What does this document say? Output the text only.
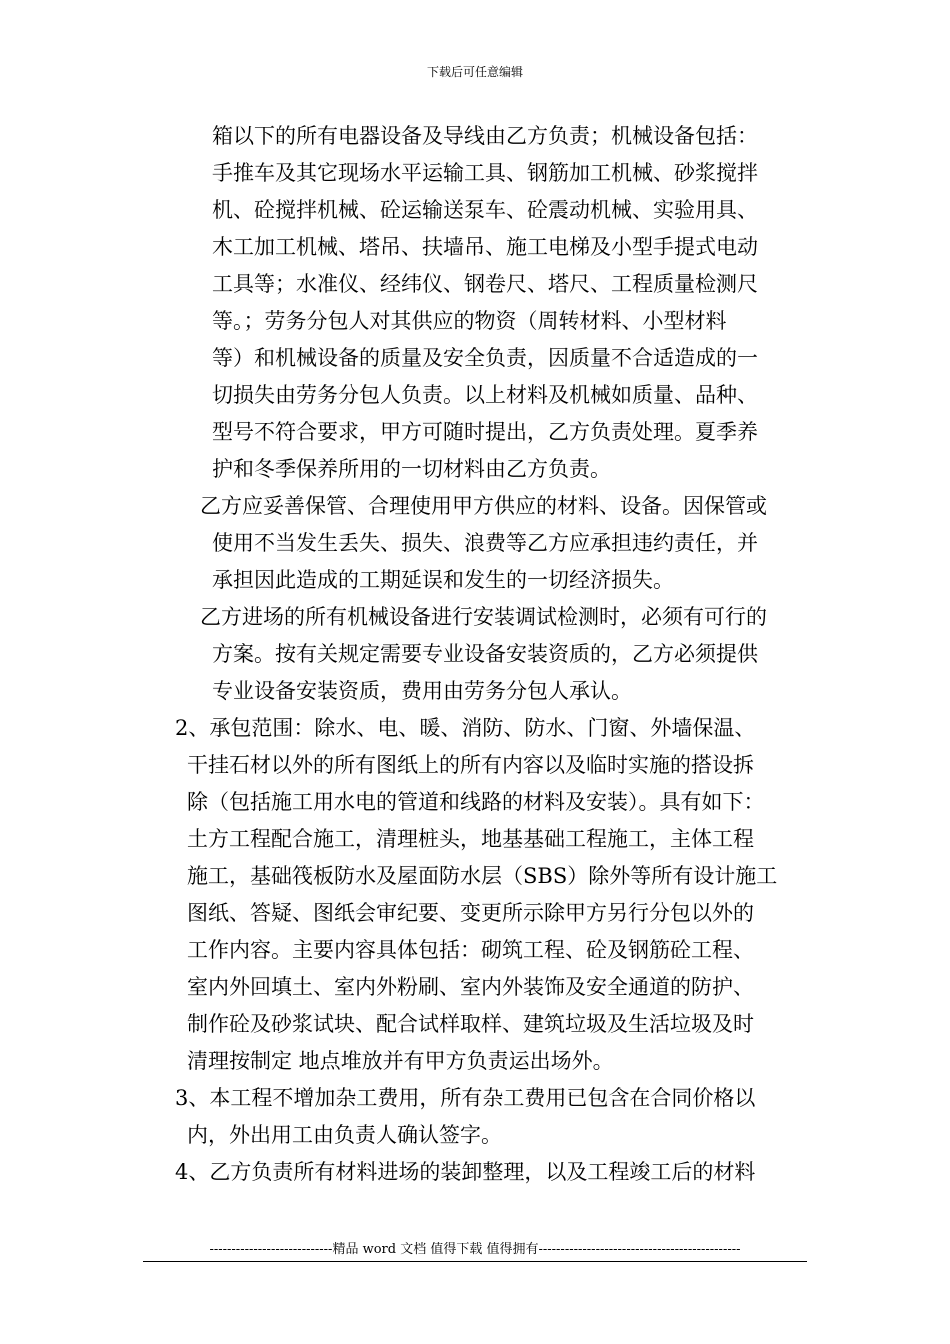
下载后可任意编辑
箱以下的所有电器设备及导线由乙方负责；机械设备包括：
手推车及其它现场水平运输工具、钢筋加工机械、砂浆搅拌
机、砼搅拌机械、砼运输送泵车、砼震动机械、实验用具、
木工加工机械、塔吊、扶墙吊、施工电梯及小型手提式电动
工具等；水准仪、经纬仪、钢卷尺、塔尺、工程质量检测尺
等。；劳务分包人对其供应的物资（周转材料、小型材料
等）和机械设备的质量及安全负责，因质量不合适造成的一
切损失由劳务分包人负责。以上材料及机械如质量、品种、
型号不符合要求，甲方可随时提出，乙方负责处理。夏季养
护和冬季保养所用的一切材料由乙方负责。
乙方应妥善保管、合理使用甲方供应的材料、设备。因保管或
使用不当发生丢失、损失、浪费等乙方应承担违约责任，并
承担因此造成的工期延误和发生的一切经济损失。
乙方进场的所有机械设备进行安装调试检测时，必须有可行的
方案。按有关规定需要专业设备安装资质的，乙方必须提供
专业设备安装资质，费用由劳务分包人承认。
2、承包范围：除水、电、暖、消防、防水、门窗、外墙保温、
干挂石材以外的所有图纸上的所有内容以及临时实施的搭设拆
除（包括施工用水电的管道和线路的材料及安装）。具有如下：
土方工程配合施工，清理桩头，地基基础工程施工，主体工程
施工，基础筏板防水及屋面防水层（SBS）除外等所有设计施工
图纸、答疑、图纸会审纪要、变更所示除甲方另行分包以外的
工作内容。主要内容具体包括：砌筑工程、砼及钢筋砼工程、
室内外回填土、室内外粉刷、室内外装饰及安全通道的防护、
制作砼及砂浆试块、配合试样取样、建筑垃圾及生活垃圾及时
清理按制定 地点堆放并有甲方负责运出场外。
3、本工程不增加杂工费用，所有杂工费用已包含在合同价格以
内，外出用工由负责人确认签字。
4、乙方负责所有材料进场的装卸整理，以及工程竣工后的材料
----------------------------精品 word 文档 值得下载 值得拥有----------------------------------------------
